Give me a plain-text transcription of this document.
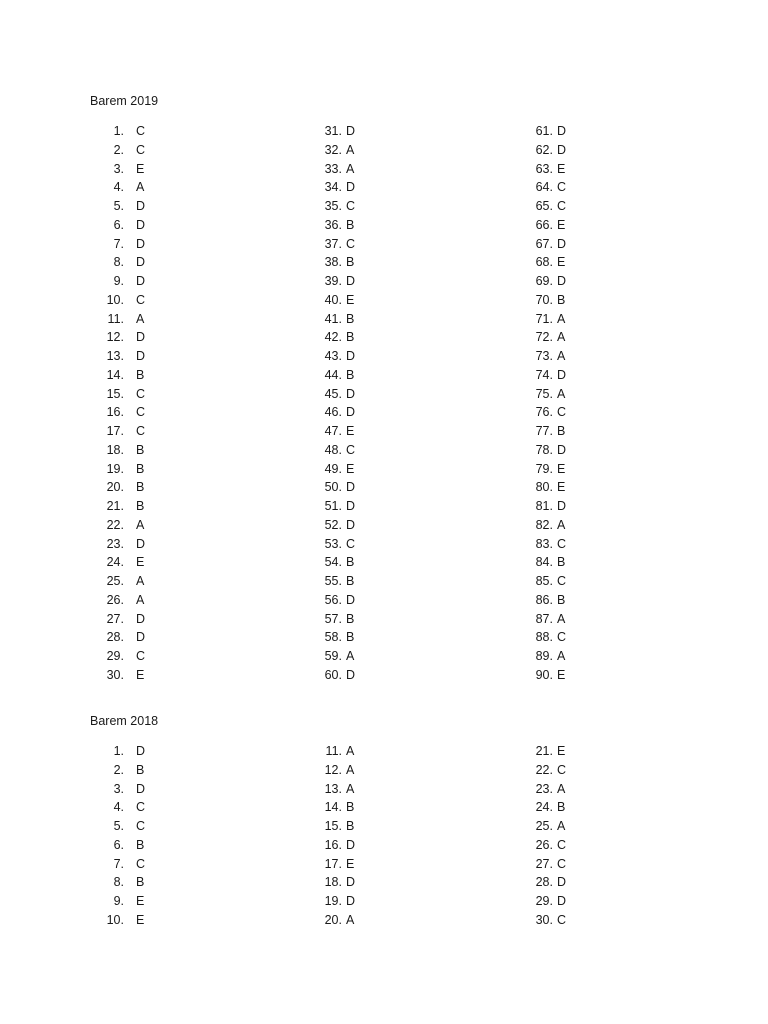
Barem 2019
1. C
2. C
3. E
4. A
5. D
6. D
7. D
8. D
9. D
10. C
11. A
12. D
13. D
14. B
15. C
16. C
17. C
18. B
19. B
20. B
21. B
22. A
23. D
24. E
25. A
26. A
27. D
28. D
29. C
30. E
31. D
32. A
33. A
34. D
35. C
36. B
37. C
38. B
39. D
40. E
41. B
42. B
43. D
44. B
45. D
46. D
47. E
48. C
49. E
50. D
51. D
52. D
53. C
54. B
55. B
56. D
57. B
58. B
59. A
60. D
61. D
62. D
63. E
64. C
65. C
66. E
67. D
68. E
69. D
70. B
71. A
72. A
73. A
74. D
75. A
76. C
77. B
78. D
79. E
80. E
81. D
82. A
83. C
84. B
85. C
86. B
87. A
88. C
89. A
90. E
Barem 2018
1. D
2. B
3. D
4. C
5. C
6. B
7. C
8. B
9. E
10. E
11. A
12. A
13. A
14. B
15. B
16. D
17. E
18. D
19. D
20. A
21. E
22. C
23. A
24. B
25. A
26. C
27. C
28. D
29. D
30. C
